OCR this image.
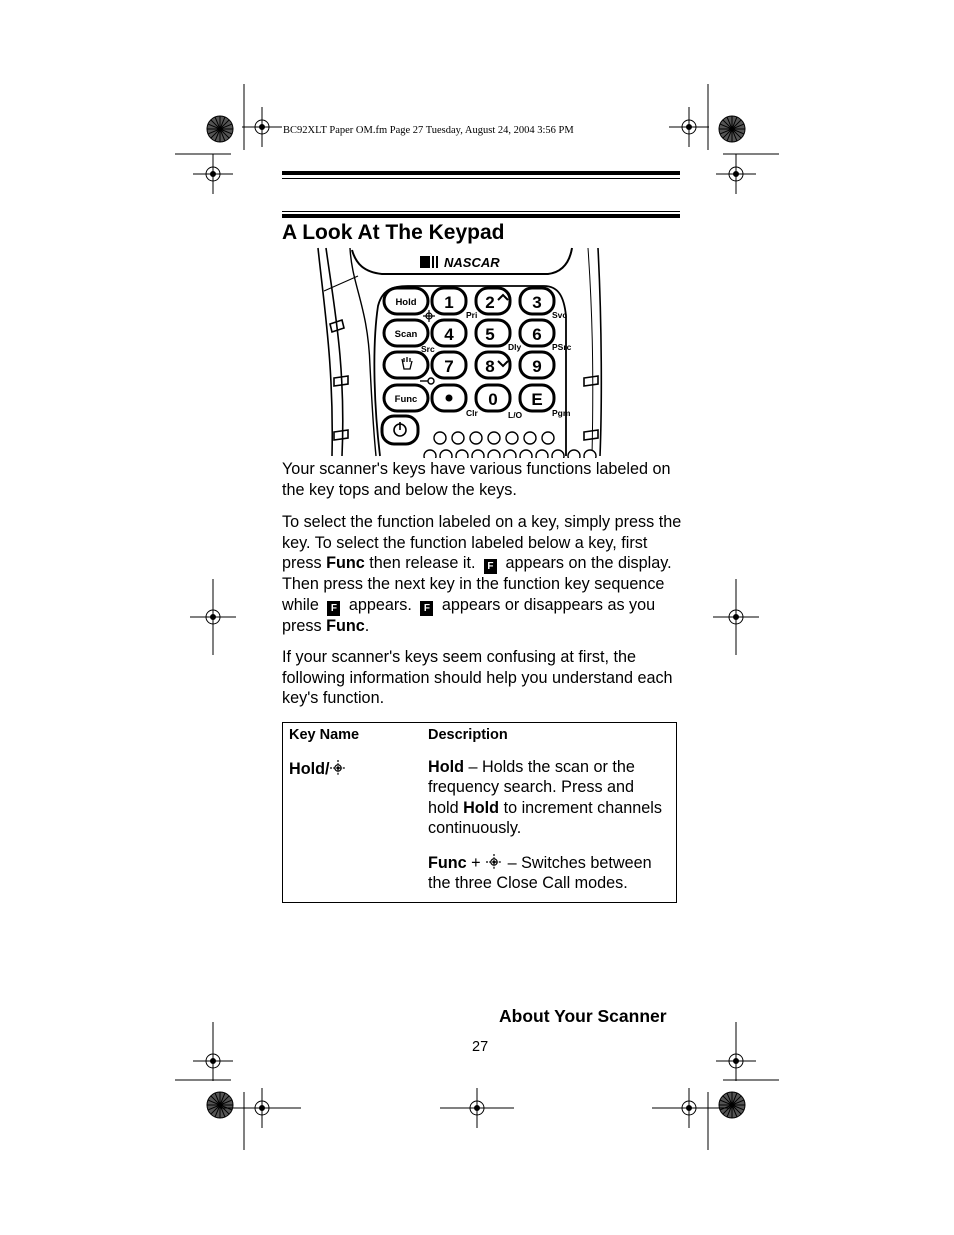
BC92XLT Paper OM.fm Page 27 Tuesday, August 24, 2004 3:56 PM
A Look At The Keypad
NASCAR
Hold
Scan
Func
1 2 3
4 5 6
7 8 9
0 E
Pri	Svc
Src	Dly	PSrc
Clr	L/O	Pgm
Your scanner's keys have various functions labeled on the key tops and below the keys.
To select the function labeled on a key, simply press the key. To select the function labeled below a key, first press Func then release it. F appears on the display. Then press the next key in the function key sequence while F appears. F appears or disappears as you press Func.
If your scanner's keys seem confusing at first, the following information should help you understand each key's function.
Key Name	Description
Hold/	Hold – Holds the scan or the frequency search. Press and hold Hold to increment channels continuously.
Func +  – Switches between the three Close Call modes.
About Your Scanner
27
